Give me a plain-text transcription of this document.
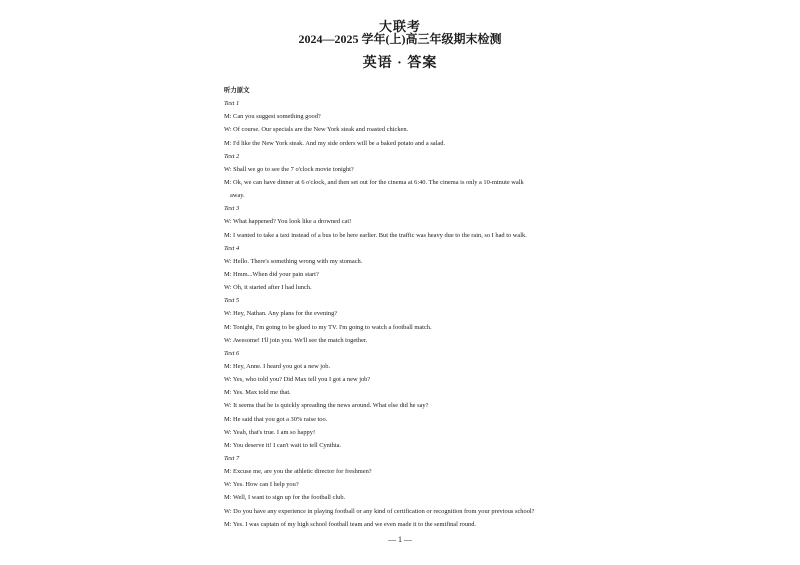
大联考
2024—2025 学年(上)高三年级期末检测
英语 · 答案
听力原文
Text 1
M: Can you suggest something good?
W: Of course. Our specials are the New York steak and roasted chicken.
M: I'd like the New York steak. And my side orders will be a baked potato and a salad.
Text 2
W: Shall we go to see the 7 o'clock movie tonight?
M: Ok, we can have dinner at 6 o'clock, and then set out for the cinema at 6:40. The cinema is only a 10-minute walk
away.
Text 3
W: What happened? You look like a drowned cat!
M: I wanted to take a taxi instead of a bus to be here earlier. But the traffic was heavy due to the rain, so I had to walk.
Text 4
W: Hello. There's something wrong with my stomach.
M: Hmm...When did your pain start?
W: Oh, it started after I had lunch.
Text 5
W: Hey, Nathan. Any plans for the evening?
M: Tonight, I'm going to be glued to my TV. I'm going to watch a football match.
W: Awesome! I'll join you. We'll see the match together.
Text 6
M: Hey, Anne. I heard you got a new job.
W: Yes, who told you? Did Max tell you I got a new job?
M: Yes. Max told me that.
W: It seems that he is quickly spreading the news around. What else did he say?
M: He said that you got a 30% raise too.
W: Yeah, that's true. I am so happy!
M: You deserve it! I can't wait to tell Cynthia.
Text 7
M: Excuse me, are you the athletic director for freshmen?
W: Yes. How can I help you?
M: Well, I want to sign up for the football club.
W: Do you have any experience in playing football or any kind of certification or recognition from your previous school?
M: Yes. I was captain of my high school football team and we even made it to the semifinal round.
— 1 —
